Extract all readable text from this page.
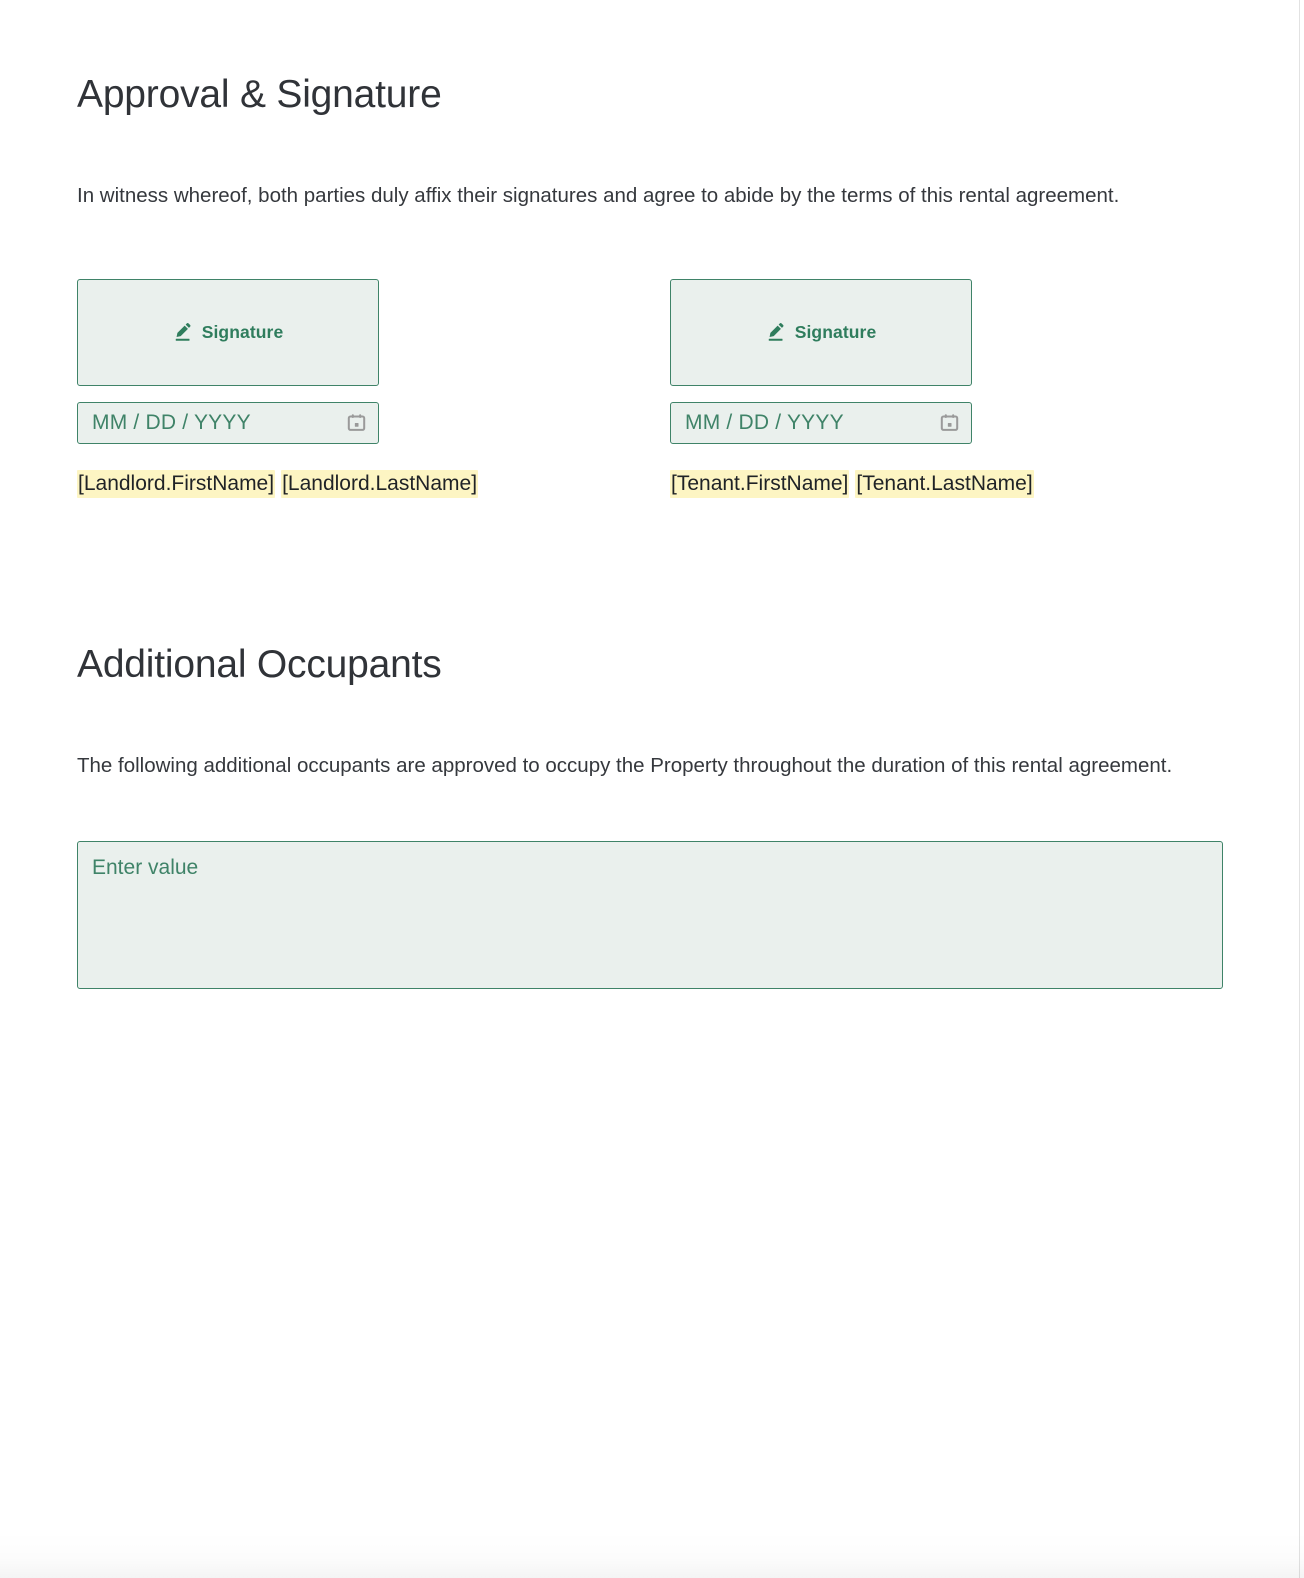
Approval & Signature

In witness whereof, both parties duly affix their signatures and agree to abide by the terms of this rental agreement.

Signature
MM / DD / YYYY
[Landlord.FirstName] [Landlord.LastName]
Signature
MM / DD / YYYY
[Tenant.FirstName] [Tenant.LastName]
Additional Occupants

The following additional occupants are approved to occupy the Property throughout the duration of this rental agreement.

Enter value
